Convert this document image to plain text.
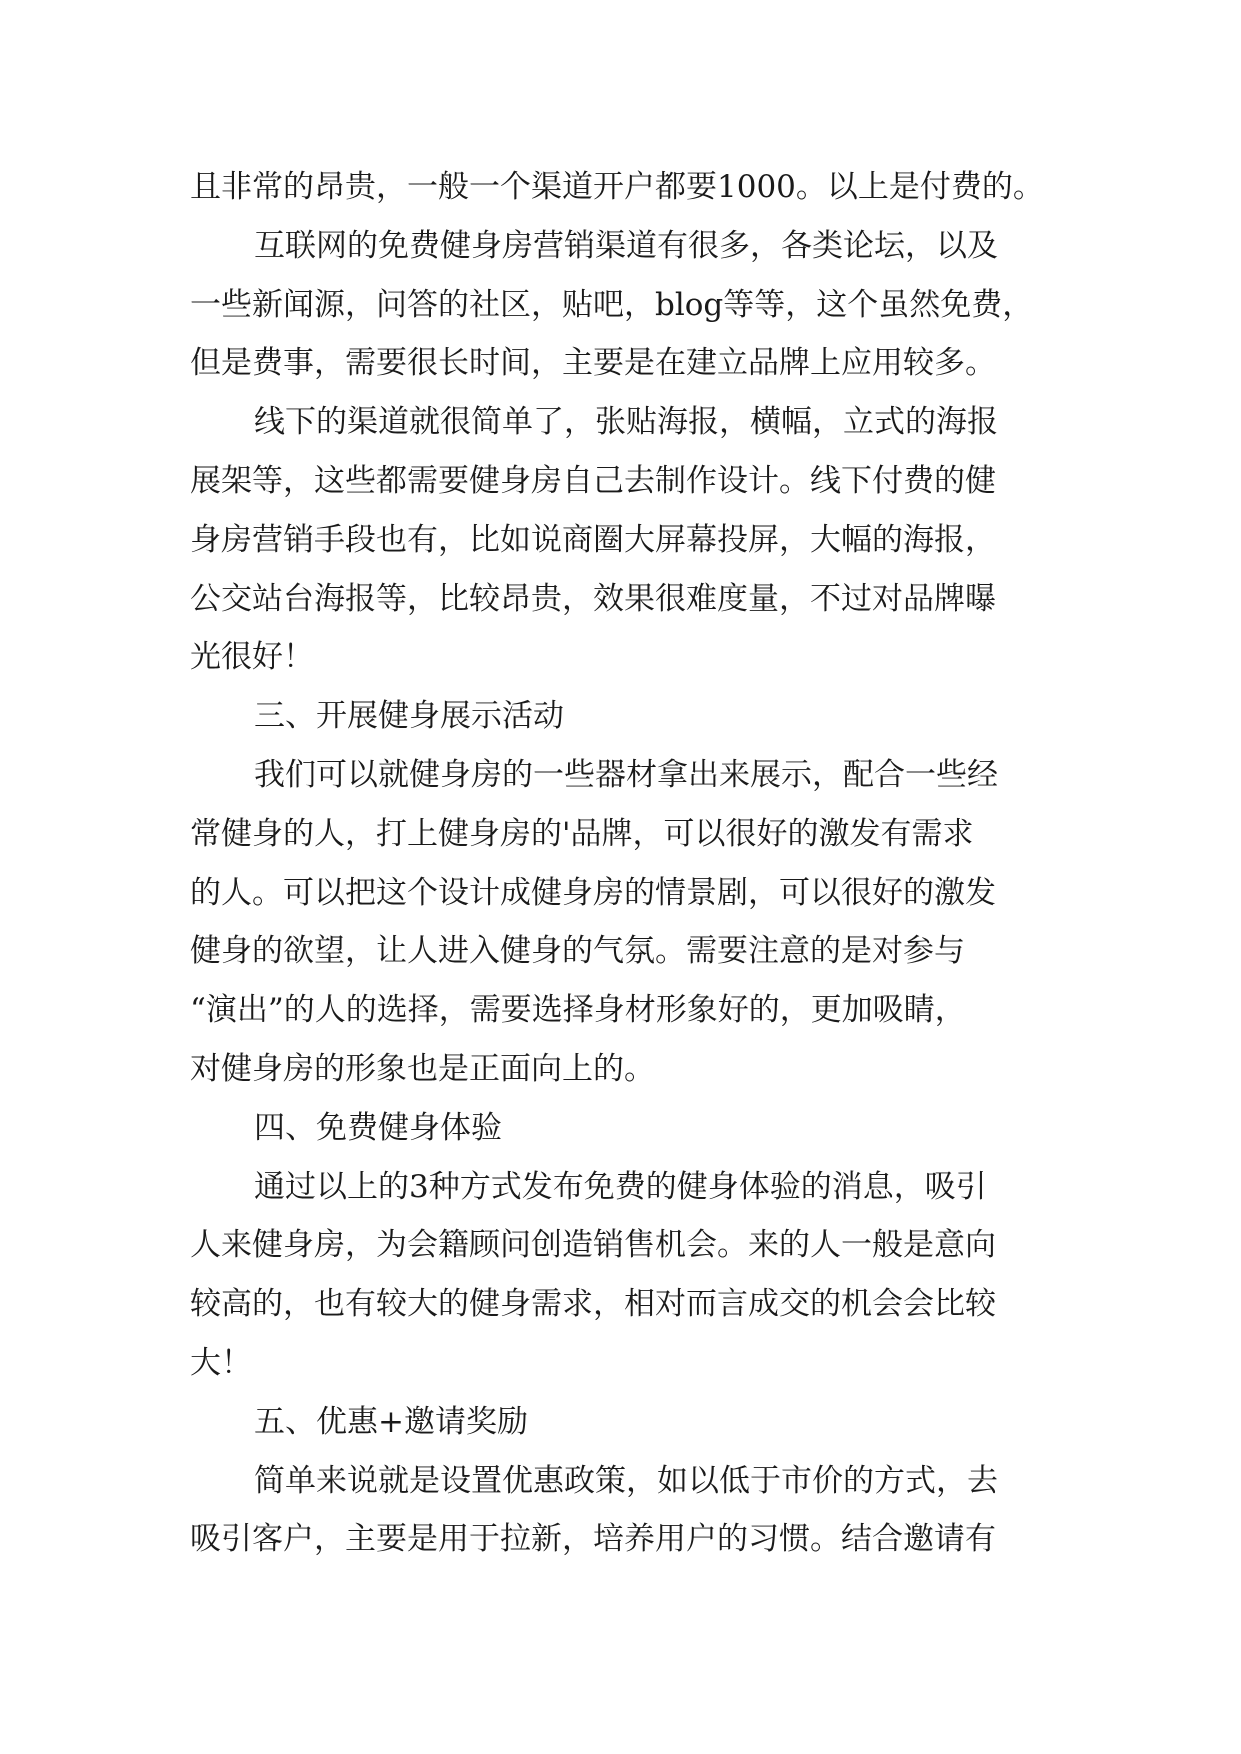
且非常的昂贵，一般一个渠道开户都要1000。以上是付费的。
互联网的免费健身房营销渠道有很多，各类论坛，以及
一些新闻源，问答的社区，贴吧，blog等等，这个虽然免费，
但是费事，需要很长时间，主要是在建立品牌上应用较多。
线下的渠道就很简单了，张贴海报，横幅，立式的海报
展架等，这些都需要健身房自己去制作设计。线下付费的健
身房营销手段也有，比如说商圈大屏幕投屏，大幅的海报，
公交站台海报等，比较昂贵，效果很难度量，不过对品牌曝
光很好！
三、开展健身展示活动
我们可以就健身房的一些器材拿出来展示，配合一些经
常健身的人，打上健身房的'品牌，可以很好的激发有需求
的人。可以把这个设计成健身房的情景剧，可以很好的激发
健身的欲望，让人进入健身的气氛。需要注意的是对参与
“演出”的人的选择，需要选择身材形象好的，更加吸睛，
对健身房的形象也是正面向上的。
四、免费健身体验
通过以上的3种方式发布免费的健身体验的消息，吸引
人来健身房，为会籍顾问创造销售机会。来的人一般是意向
较高的，也有较大的健身需求，相对而言成交的机会会比较
大！
五、优惠+邀请奖励
简单来说就是设置优惠政策，如以低于市价的方式，去
吸引客户，主要是用于拉新，培养用户的习惯。结合邀请有
